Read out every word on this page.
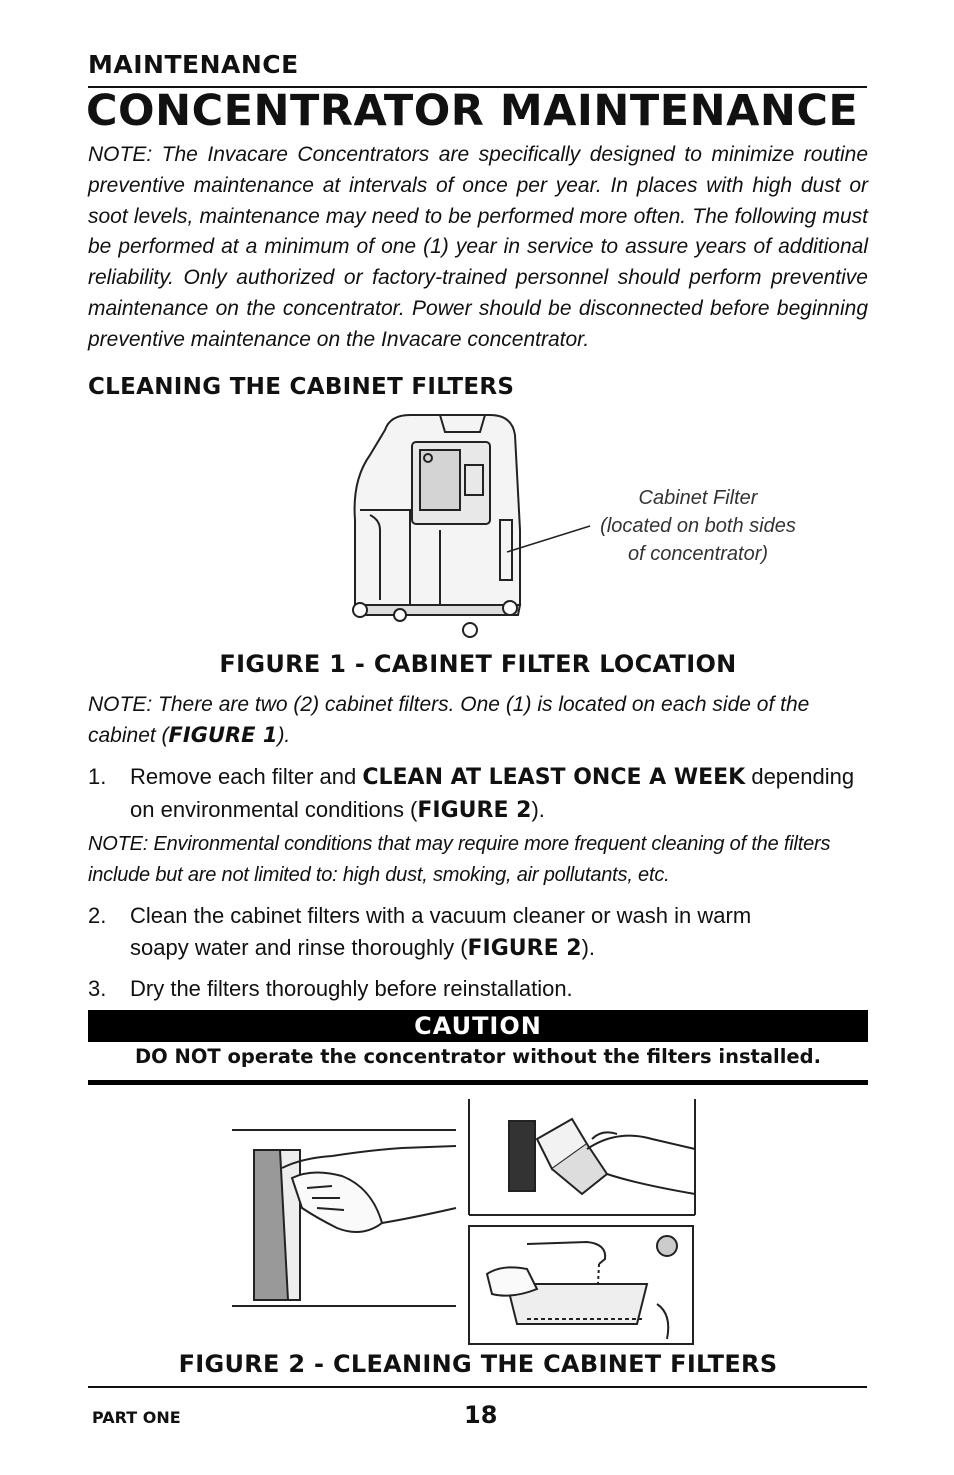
MAINTENANCE
CONCENTRATOR MAINTENANCE
NOTE: The Invacare Concentrators are specifically designed to minimize routine preventive maintenance at intervals of once per year. In places with high dust or soot levels, maintenance may need to be performed more often. The following must be performed at a minimum of one (1) year in service to assure years of additional reliability. Only authorized or factory-trained personnel should perform preventive maintenance on the concentrator. Power should be disconnected before beginning preventive maintenance on the Invacare concentrator.
CLEANING THE CABINET FILTERS
Cabinet Filter
(located on both sides
of concentrator)
FIGURE 1 - CABINET FILTER LOCATION
NOTE: There are two (2) cabinet filters. One (1) is located on each side of the cabinet (FIGURE 1).
1. Remove each filter and CLEAN AT LEAST ONCE A WEEK depending on environmental conditions (FIGURE 2).
NOTE: Environmental conditions that may require more frequent cleaning of the filters include but are not limited to: high dust, smoking, air pollutants, etc.
2. Clean the cabinet filters with a vacuum cleaner or wash in warm soapy water and rinse thoroughly (FIGURE 2).
3. Dry the filters thoroughly before reinstallation.
CAUTION
DO NOT operate the concentrator without the filters installed.
FIGURE 2 - CLEANING THE CABINET FILTERS
PART ONE	18
